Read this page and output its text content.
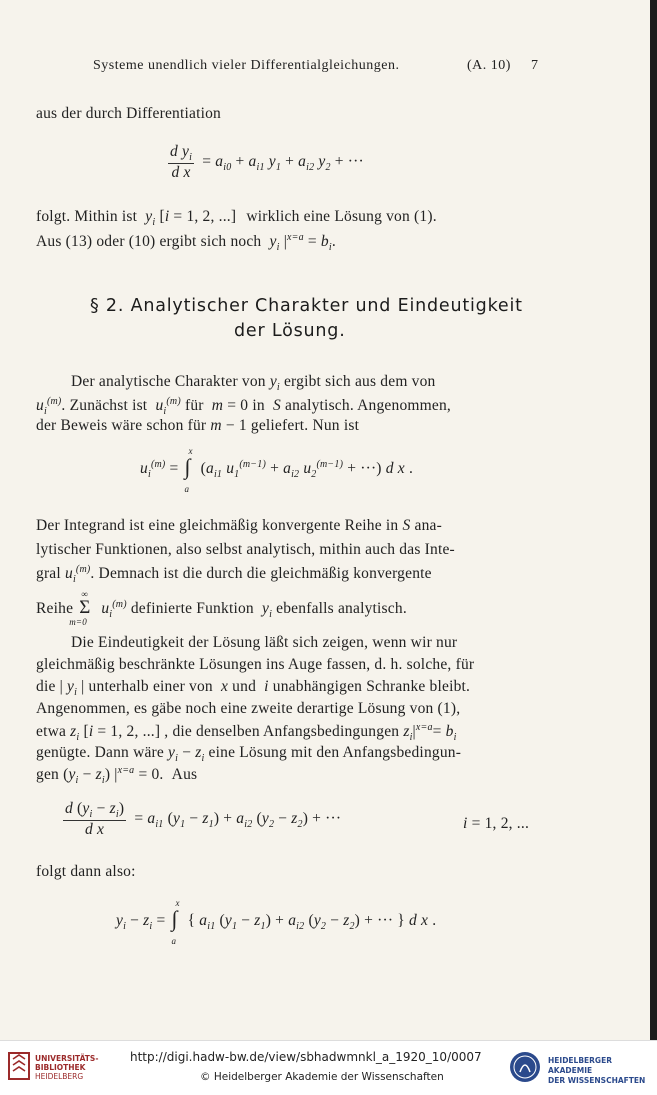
Systeme unendlich vieler Differentialgleichungen.	(A. 10) 7
aus der durch Differentiation
$\frac{d y_i}{\text{d x}} = a_{i0} + a_{i1}$ $y_1 + a_{i2}$ $y_2$ + ···
folgt. Mithin ist  $y_i$ [i = 1, 2, ...] wirklich eine Lösung von (1).
Aus (13) oder (10) ergibt sich noch  $y_i$ $|^{x=a} = b_i$.
§ 2. Analytischer Charakter und Eindeutigkeit
der Lösung.
Der analytische Charakter von $y_i$ ergibt sich aus dem von
$u_i^{(m)}$. Zunächst ist  $u_i^{(m)}$ für  m = 0 in  S analytisch. Angenommen,
der Beweis wäre schon für m − 1 geliefert. Nun ist
$u_i^{(m)}$ =
x
∫
a
($a_{i1}$ $u_1^{(m-1)} + a_{i2}$ $u_2^{(m-1)}$ + ···) d x .
Der Integrand ist eine gleichmäßig konvergente Reihe in S ana-
lytischer Funktionen, also selbst analytisch, mithin auch das Inte-
gral $u_i^{(m)}$. Demnach ist die durch die gleichmäßig konvergente
Reihe
∞
Σ
m=0
$u_i^{(m)}$ definierte Funktion  $y_i$ ebenfalls analytisch.
Die Eindeutigkeit der Lösung läßt sich zeigen, wenn wir nur
gleichmäßig beschränkte Lösungen ins Auge fassen, d. h. solche, für
die | $y_i$ | unterhalb einer von  x und  i unabhängigen Schranke bleibt.
Angenommen, es gäbe noch eine zweite derartige Lösung von (1),
etwa $z_i$ [i = 1, 2, ...] , die denselben Anfangsbedingungen $z_i|^{x=a}= b_i$
genügte. Dann wäre $y_i - z_i$ eine Lösung mit den Anfangsbedingun-
gen $(y_i - z_i) |^{x=a} = 0$. Aus
$\frac{d (y_i - z_i)}{\text{d x}} = a_{i1}$ $(y_1 - z_1) + a_{i2}$ $(y_2 - z_2)$ + ···	i = 1, 2, ...
folgt dann also:
$y_i - z_i$ =
x
∫
a
{ $a_{i1}$ $(y_1 - z_1) + a_{i2}$ $(y_2 - z_2)$ + ··· } d x .
UNIVERSITÄTS-
BIBLIOTHEK
HEIDELBERG
http://digi.hadw-bw.de/view/sbhadwmnkl_a_1920_10/0007
© Heidelberger Akademie der Wissenschaften
HEIDELBERGER AKADEMIE
DER WISSENSCHAFTEN
